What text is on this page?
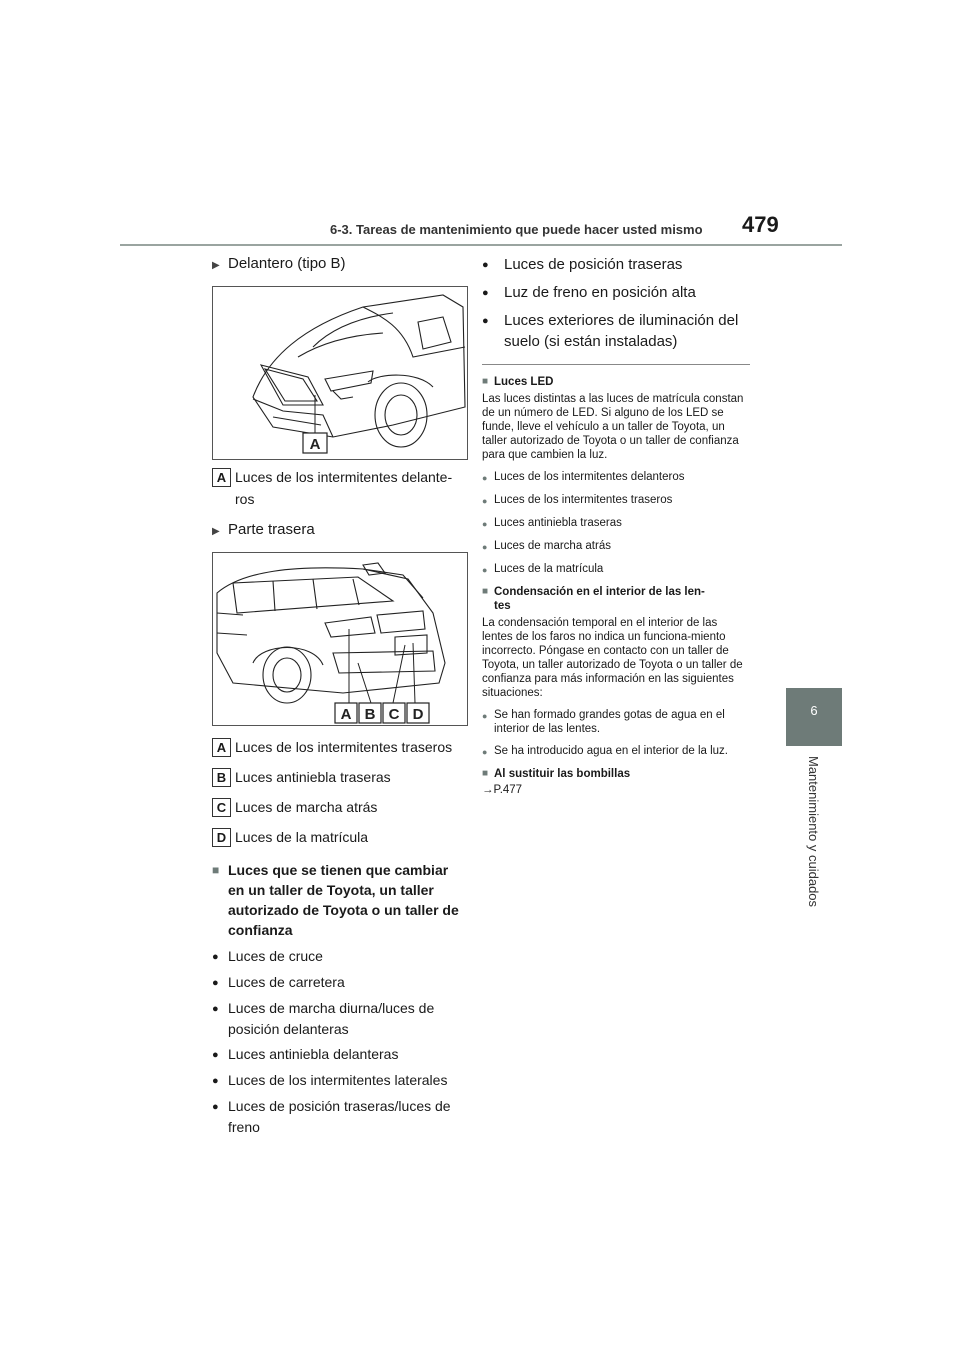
6-3. Tareas de mantenimiento que puede hacer usted mismo 479
6
Mantenimiento y cuidados
▶ Delantero (tipo B)
A
A Luces de los intermitentes delante-
ros
▶ Parte trasera
A B C D
A Luces de los intermitentes traseros
B Luces antiniebla traseras
C Luces de marcha atrás
D Luces de la matrícula
■ Luces que se tienen que cambiar en un taller de Toyota, un taller autorizado de Toyota o un taller de confianza
● Luces de cruce
● Luces de carretera
● Luces de marcha diurna/luces de posición delanteras
● Luces antiniebla delanteras
● Luces de los intermitentes laterales
● Luces de posición traseras/luces de freno
●	Luces de posición traseras
●	Luz de freno en posición alta
●	Luces exteriores de iluminación del suelo (si están instaladas)
■ Luces LED
Las luces distintas a las luces de matrícula constan de un número de LED. Si alguno de los LED se funde, lleve el vehículo a un taller de Toyota, un taller autorizado de Toyota o un taller de confianza para que cambien la luz.
● Luces de los intermitentes delanteros
● Luces de los intermitentes traseros
● Luces antiniebla traseras
● Luces de marcha atrás
● Luces de la matrícula
■ Condensación en el interior de las len-
tes
La condensación temporal en el interior de las lentes de los faros no indica un funciona-miento incorrecto. Póngase en contacto con un taller de Toyota, un taller autorizado de Toyota o un taller de confianza para más información en las siguientes situaciones:
● Se han formado grandes gotas de agua en el interior de las lentes.
● Se ha introducido agua en el interior de la luz.
■ Al sustituir las bombillas
→P.477
